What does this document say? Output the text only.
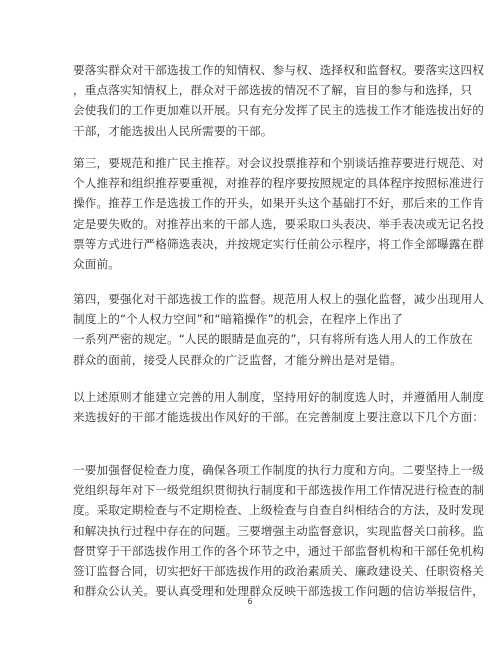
要落实群众对干部选拔工作的知情权、参与权、选择权和监督权。要落实这四权
，重点落实知情权上，群众对干部选拔的情况不了解，盲目的参与和选择，只
会使我们的工作更加难以开展。只有充分发挥了民主的选拔工作才能选拔出好的
干部，才能选拔出人民所需要的干部。
第三，要规范和推广民主推荐。对会议投票推荐和个别谈话推荐要进行规范、对
个人推荐和组织推荐要重视，对推荐的程序要按照规定的具体程序按照标准进行
操作。推荐工作是选拔工作的开头，如果开头这个基础打不好，那后来的工作肯
定是要失败的。对推荐出来的干部人选，要采取口头表决、举手表决或无记名投
票等方式进行严格筛选表决，并按规定实行任前公示程序，将工作全部曝露在群
众面前。
第四，要强化对干部选拔工作的监督。规范用人权上的强化监督，减少出现用人
制度上的“个人权力空间”和“暗箱操作”的机会，在程序上作出了
一系列严密的规定。“人民的眼睛是血亮的”，只有将所有选人用人的工作放在
群众的面前，接受人民群众的广泛监督，才能分辨出是对是错。
以上述原则才能建立完善的用人制度，坚持用好的制度选人时，并遵循用人制度
来选拔好的干部才能选拔出作风好的干部。在完善制度上要注意以下几个方面：
一要加强督促检查力度，确保各项工作制度的执行力度和方向。二要坚持上一级
党组织每年对下一级党组织贯彻执行制度和干部选拔作用工作情况进行检查的制
度。采取定期检查与不定期检查、上级检查与自查自纠相结合的方法，及时发现
和解决执行过程中存在的问题。三要增强主动监督意识，实现监督关口前移。监
督贯穿于干部选拔作用工作的各个环节之中，通过干部监督机构和干部任免机构
签订监督合同，切实把好干部选拔作用的政治素质关、廉政建设关、任职资格关
和群众公认关。要认真受理和处理群众反映干部选拔工作问题的信访举报信件，
6
